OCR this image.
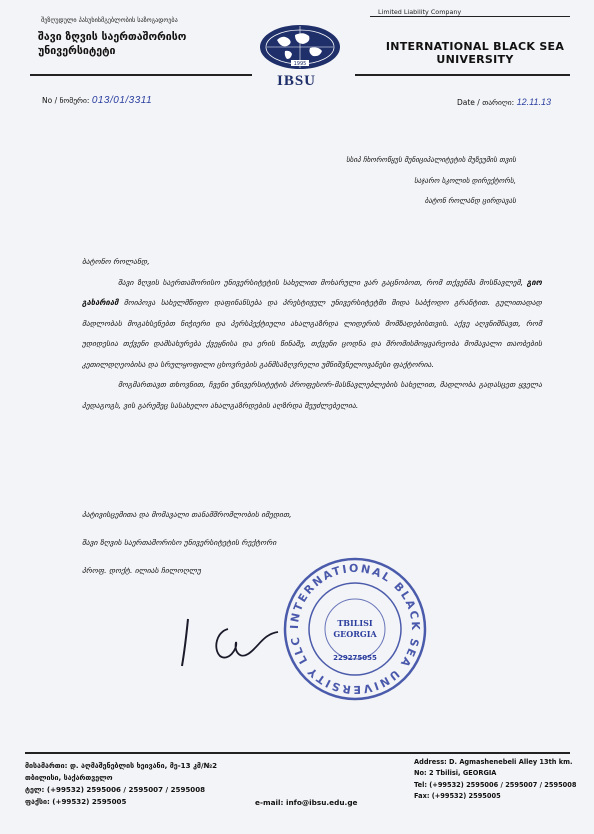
შეზღუდული პასუხისმგებლობის საზოგადოება
შავი ზღვის საერთაშორისო
უნივერსიტეტი
1995
IBSU
Limited Liability Company
INTERNATIONAL BLACK SEA
UNIVERSITY
No / ნომერი: 013/01/3311	Date / თარიღი: 12.11.13
სსიპ ჩხოროწყუს მუნიციპალიტეტის მუზეუმის თვის
საჯარო სკოლის დირექტორს,
ბატონ როლანდ ცირდავას

ბატონო როლანდ,

შავი ზღვის საერთაშორისო უნივერსიტეტის სახელით მოხარული ვარ გაცნობოთ, რომ თქვენმა მოსწავლემ, გიო გახარიამ მოიპოვა სახელმწიფო დაფინანსება და პრესტიჟულ უნივერსიტეტში შიდა საბჭოდო გრანტით. გულითადად მადლობას მოგახსენებთ ნიჭიერი და პერსპექტიული ახალგაზრდა ლიდერის მომზადებისთვის. აქვე აღვნიშნავთ, რომ უდიდესია თქვენი დამსახურება ქვეყნისა და ერის წინაშე, თქვენი ცოდნა და შრომისმოყვარეობა მომავალი თაობების კეთილდღეობისა და სრულყოფილი ცხოვრების განმსაზღვრელი უმნიშვნელოვანესი ფაქტორია.

მოგმართავთ თხოვნით, ჩვენი უნივერსიტეტის პროფესორ-მასწავლებლების სახელით, მადლობა გადასცეთ ყველა პედაგოგს, ვის გარეშეც სასახელო ახალგაზრდების აღზრდა შეუძლებელია.

პატივისცემითა და მომავალი თანამშრომლობის იმედით,
შავი ზღვის საერთაშორისო უნივერსიტეტის რექტორი
პროფ. დოქტ. ილიას ჩილოღლუ
INTERNATIONAL BLACK SEA UNIVERSITY LLC
TBILISI
GEORGIA
229275055
მისამართი: დ. აღმაშენებლის ხეივანი, მე-13 კმ/№2
თბილისი, საქართველო
ტელ: (+99532) 2595006 / 2595007 / 2595008
ფაქსი: (+99532) 2595005
Address: D. Agmashenebeli Alley 13th km.
No: 2 Tbilisi, GEORGIA
Tel: (+99532) 2595006 / 2595007 / 2595008
Fax: (+99532) 2595005
e-mail: info@ibsu.edu.ge
